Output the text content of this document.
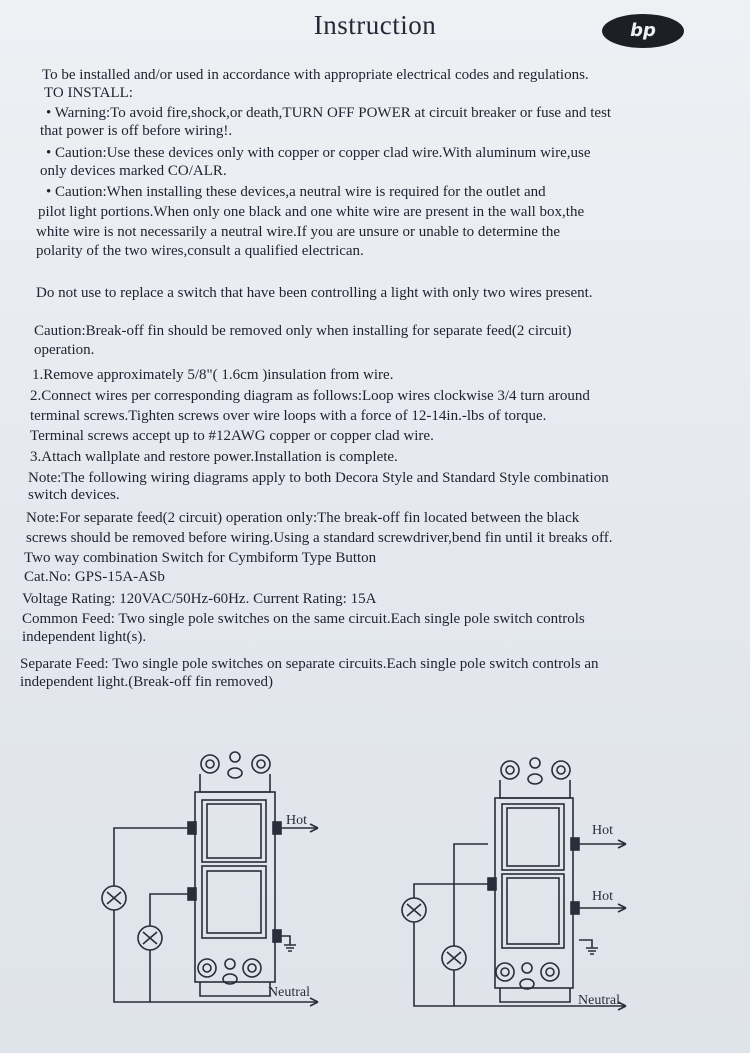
Instruction	bp
To be installed and/or used in accordance with appropriate electrical codes and regulations.
TO INSTALL:
• Warning:To avoid fire,shock,or death,TURN OFF POWER at circuit breaker or fuse and test
that power is off before wiring!.
• Caution:Use these devices only with copper or copper clad wire.With aluminum wire,use
only devices marked CO/ALR.
• Caution:When installing these devices,a neutral wire is required for the outlet and
pilot light portions.When only one black and one white wire are present in the wall box,the
white wire is not necessarily a neutral wire.If you are unsure or unable to determine the
polarity of the two wires,consult a qualified electrican.
Do not use to replace a switch that have been controlling a light with only two wires present.
Caution:Break-off fin should be removed only when installing for separate feed(2 circuit)
operation.
1.Remove approximately 5/8"( 1.6cm )insulation from wire.
2.Connect wires per corresponding diagram as follows:Loop wires clockwise 3/4 turn around
terminal screws.Tighten screws over wire loops with a force of 12-14in.-lbs of torque.
Terminal screws accept up to #12AWG copper or copper clad wire.
3.Attach wallplate and restore power.Installation is complete.
Note:The following wiring diagrams apply to both Decora Style and Standard Style combination
switch devices.
Note:For separate feed(2 circuit) operation only:The break-off fin located between the black
screws should be removed before wiring.Using a standard screwdriver,bend fin until it breaks off.
Two way combination Switch for Cymbiform Type Button
Cat.No: GPS-15A-ASb
Voltage Rating: 120VAC/50Hz-60Hz. Current Rating: 15A
Common Feed: Two single pole switches on the same circuit.Each single pole switch controls
independent light(s).
Separate Feed: Two single pole switches on separate circuits.Each single pole switch controls an
independent light.(Break-off fin removed)
Hot
Neutral
Hot
Hot
Neutral
